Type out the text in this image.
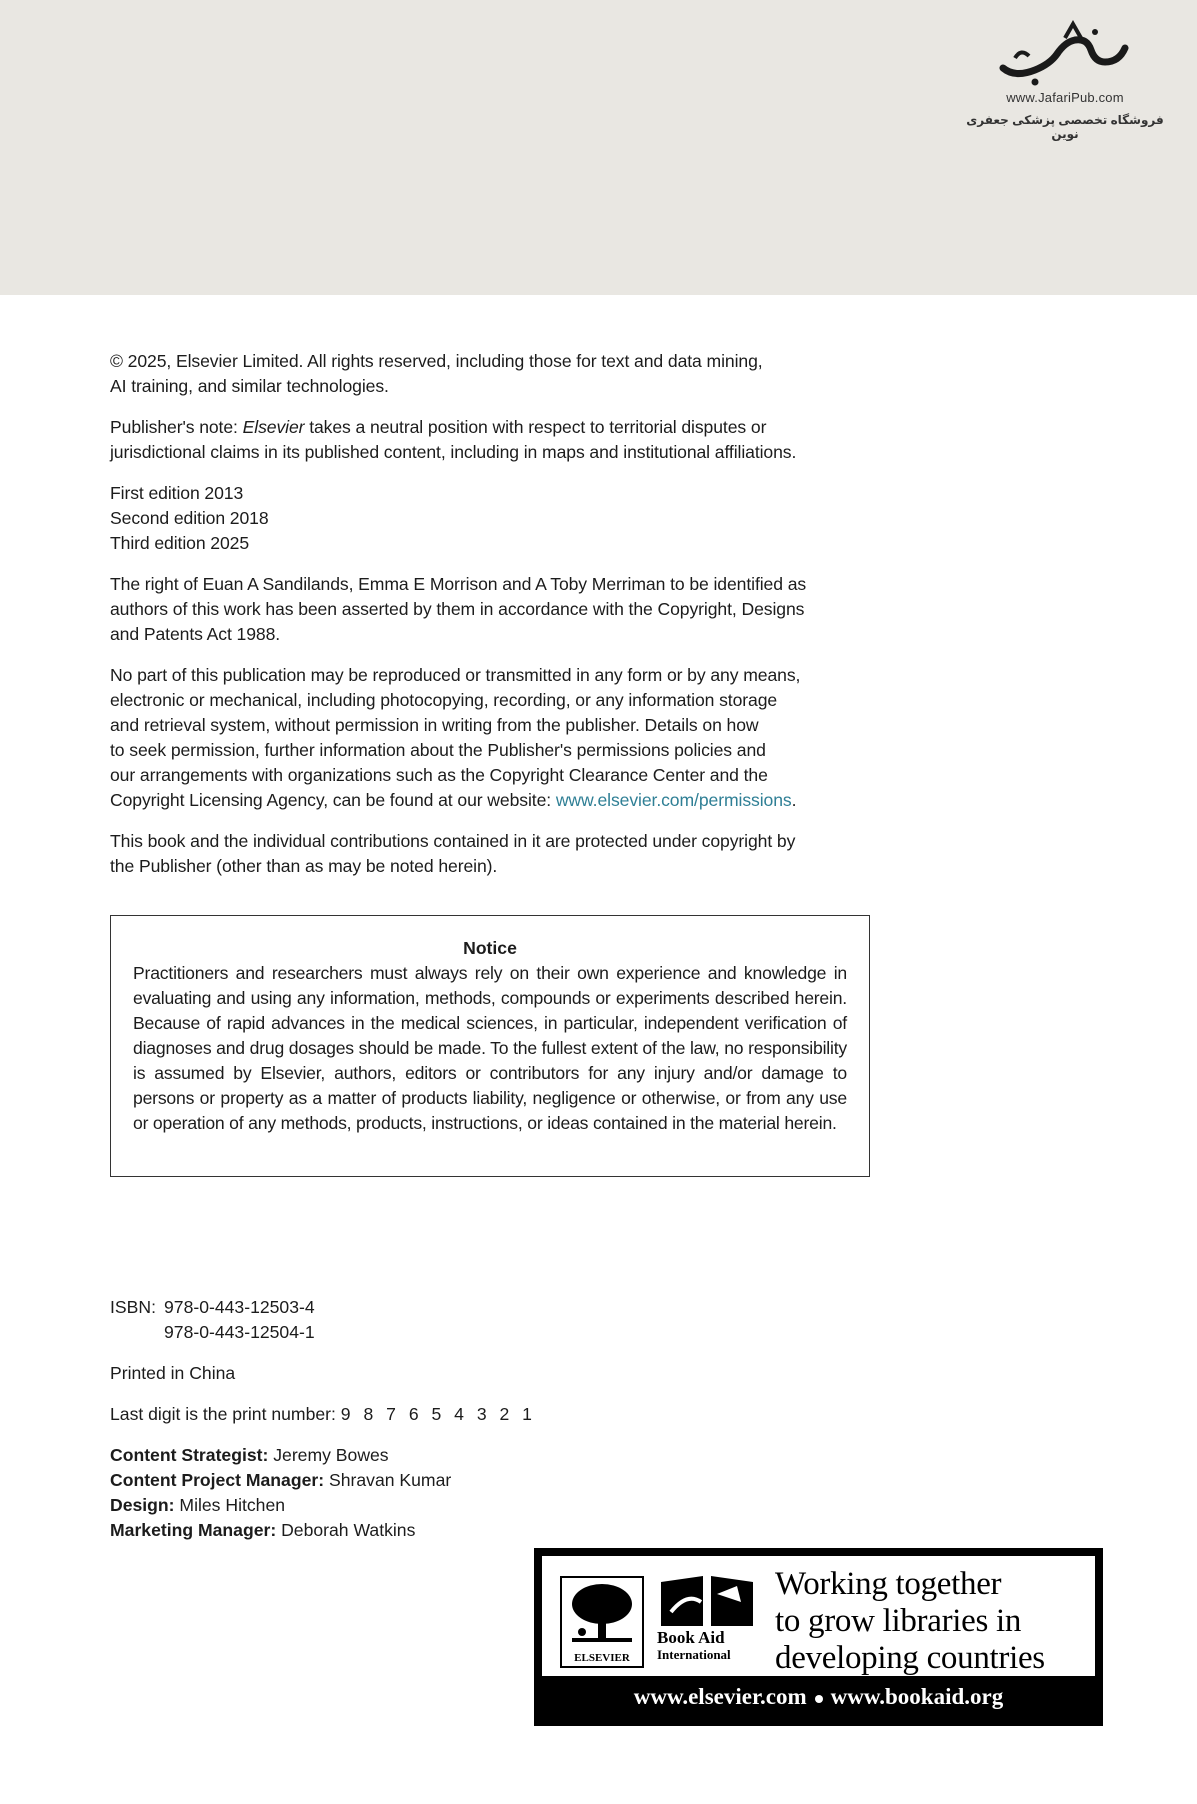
www.JafariPub.com
فروشگاه تخصصی پزشکی جعفری نوین

© 2025, Elsevier Limited. All rights reserved, including those for text and data mining,

AI training, and similar technologies.

Publisher's note: Elsevier takes a neutral position with respect to territorial disputes or

jurisdictional claims in its published content, including in maps and institutional affiliations.

First edition 2013

Second edition 2018

Third edition 2025

The right of Euan A Sandilands, Emma E Morrison and A Toby Merriman to be identified as

authors of this work has been asserted by them in accordance with the Copyright, Designs

and Patents Act 1988.

No part of this publication may be reproduced or transmitted in any form or by any means,

electronic or mechanical, including photocopying, recording, or any information storage

and retrieval system, without permission in writing from the publisher. Details on how

to seek permission, further information about the Publisher's permissions policies and

our arrangements with organizations such as the Copyright Clearance Center and the

Copyright Licensing Agency, can be found at our website: www.elsevier.com/permissions.

This book and the individual contributions contained in it are protected under copyright by

the Publisher (other than as may be noted herein).

Notice
Practitioners and researchers must always rely on their own experience and knowledge in evaluating and using any information, methods, compounds or experiments described herein. Because of rapid advances in the medical sciences, in particular, independent verification of diagnoses and drug dosages should be made. To the fullest extent of the law, no responsibility is assumed by Elsevier, authors, editors or contributors for any injury and/or damage to persons or property as a matter of products liability, negligence or otherwise, or from any use or operation of any methods, products, instructions, or ideas contained in the material herein.
ISBN: 978-0-443-12503-4
978-0-443-12504-1
Printed in China
Last digit is the print number: 9 8 7 6 5 4 3 2 1
Content Strategist: Jeremy Bowes
Content Project Manager: Shravan Kumar
Design: Miles Hitchen
Marketing Manager: Deborah Watkins
ELSEVIER
Book Aid
International
Working together
to grow libraries in
developing countries
www.elsevier.com www.bookaid.org
